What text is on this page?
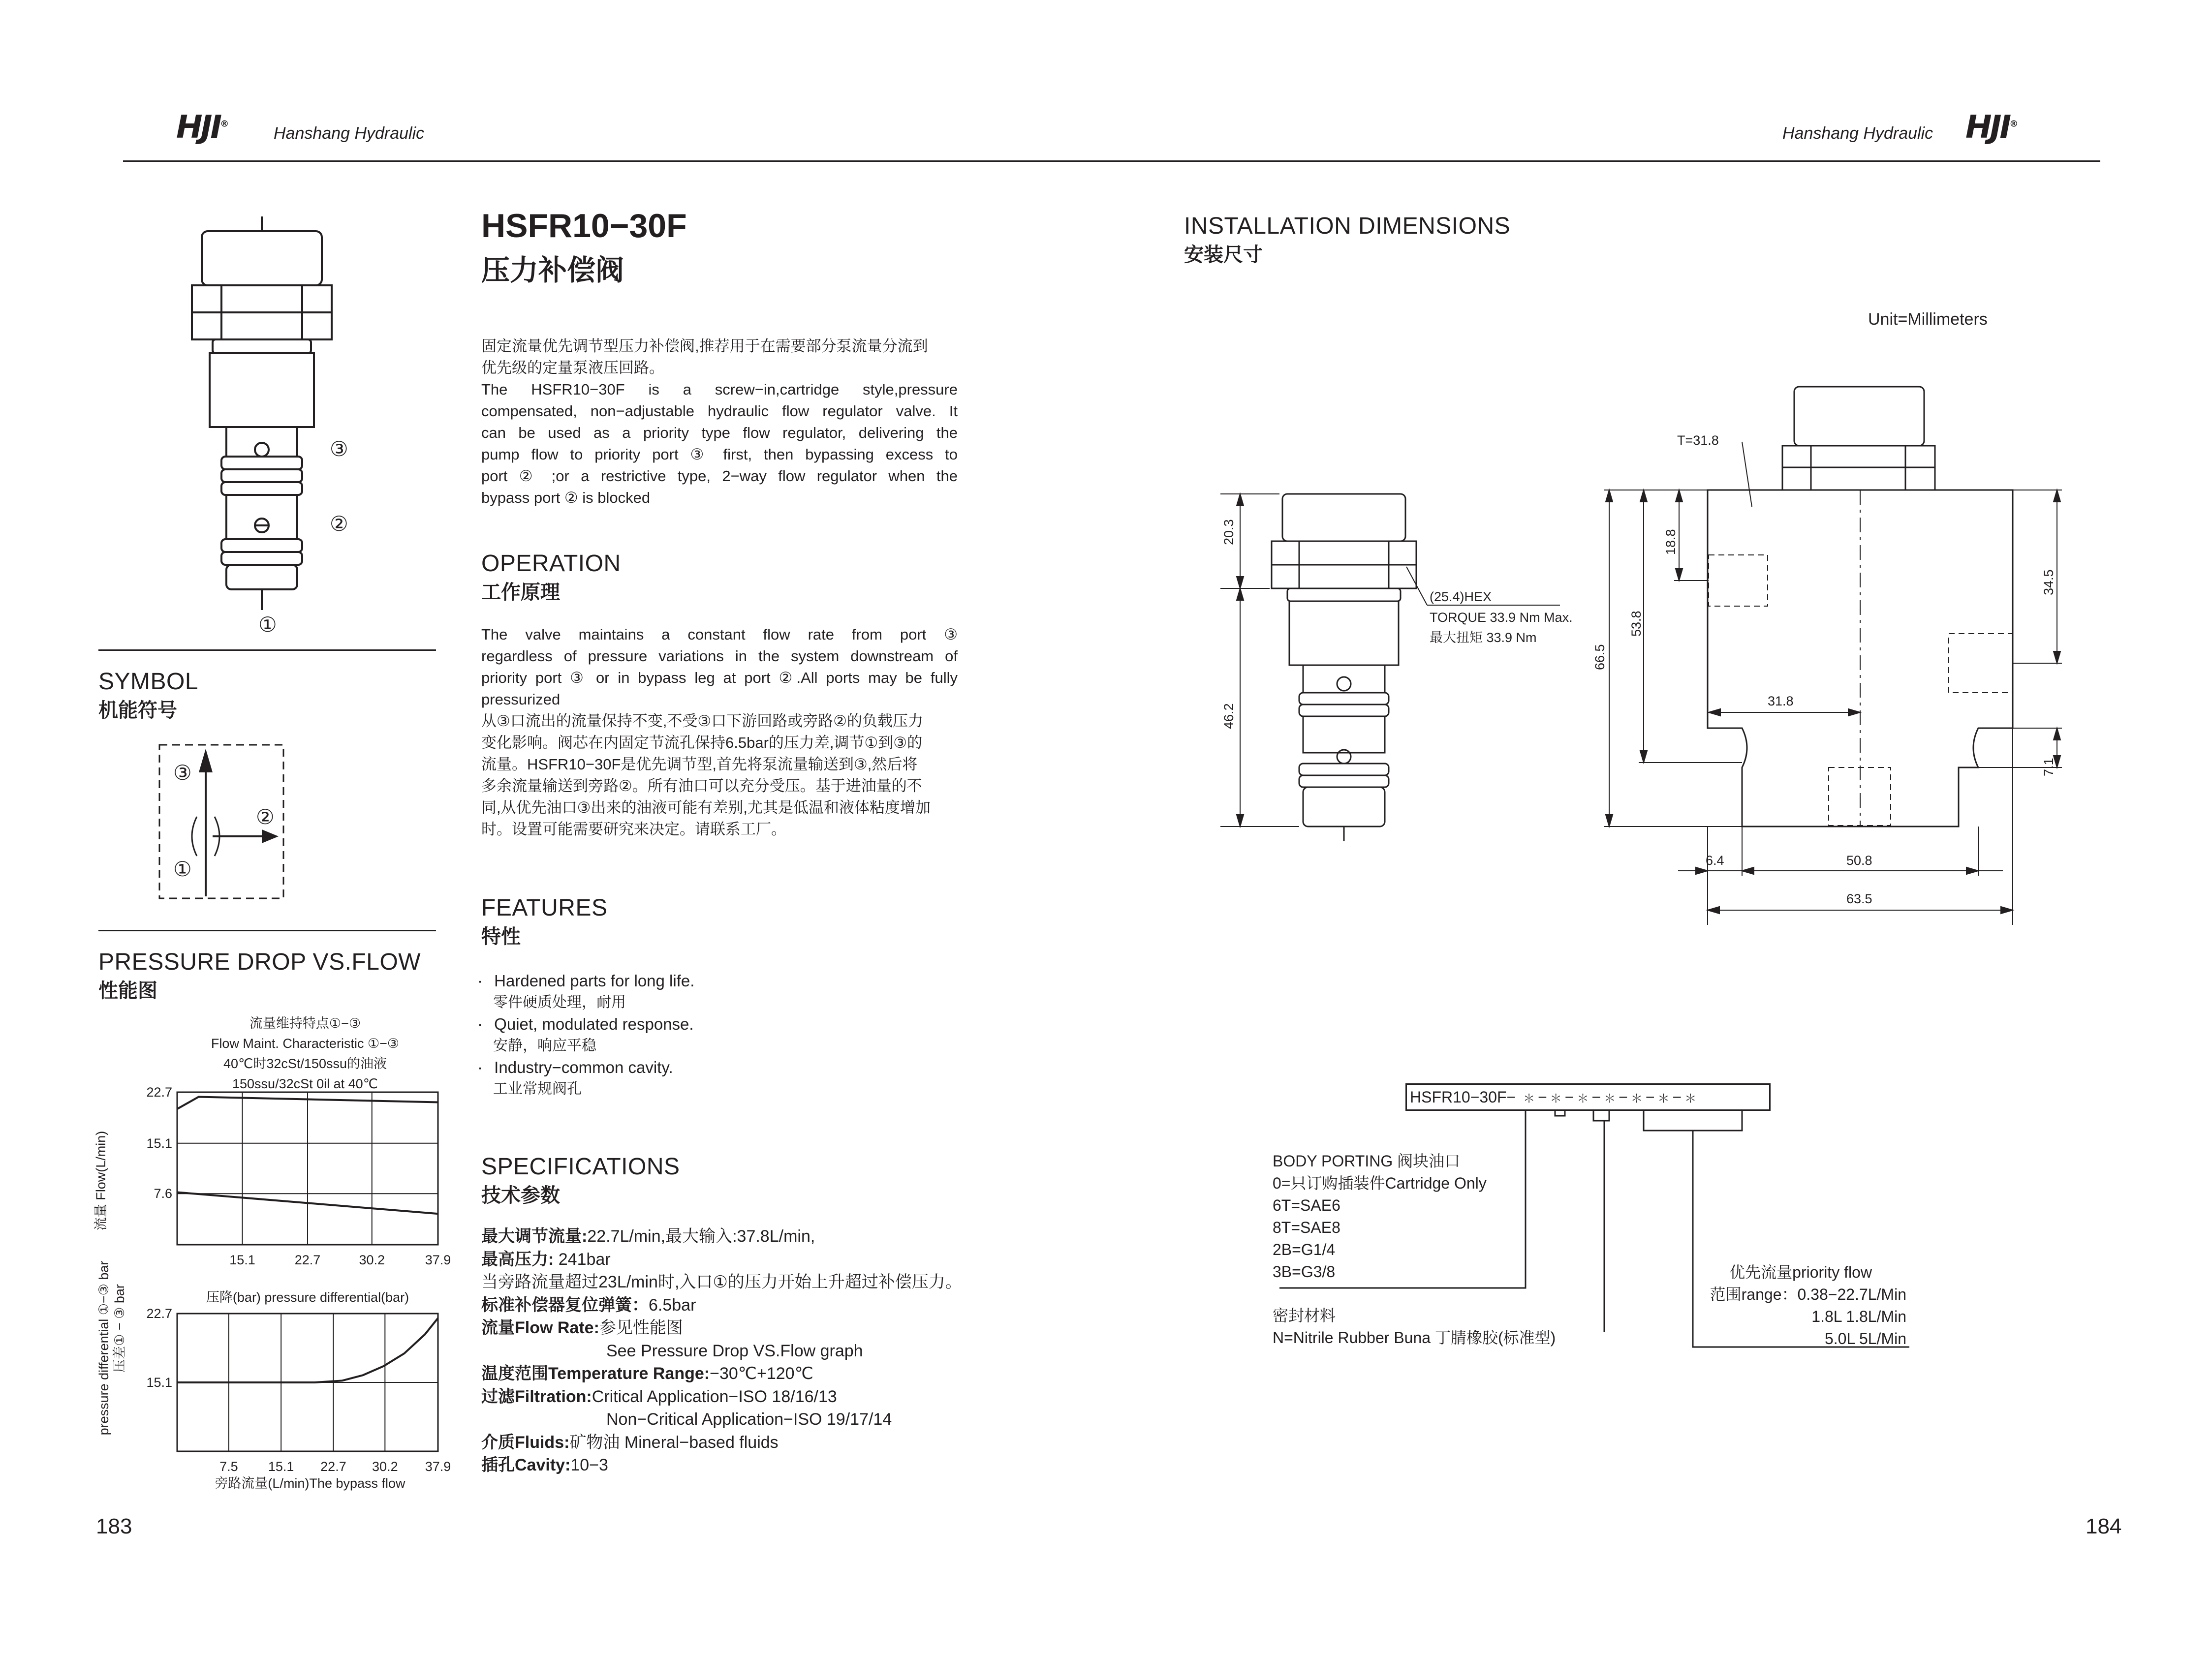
HJI®	Hanshang Hydraulic	Hanshang Hydraulic HJI®
③
②
①
SYMBOL
机能符号
③
②
①
PRESSURE DROP VS.FLOW
性能图
流量维持特点①−③
Flow Maint. Characteristic ①−③
40℃时32cSt/150ssu的油液
150ssu/32cSt 0il at 40℃
流量 Flow(L/min)
15.1	22.7	30.2	37.9
7.6
15.1
22.7
压降(bar) pressure differential(bar)
pressure differential ①−③ bar 压差① − ③ bar
7.5 15.1 22.7 30.2 37.9
15.1
22.7
旁路流量(L/min)The bypass flow
183
HSFR10−30F
压力补偿阀
固定流量优先调节型压力补偿阀,推荐用于在需要部分泵流量分流到
优先级的定量泵液压回路。
The HSFR10−30F is a screw−in,cartridge style,pressure
compensated, non−adjustable hydraulic flow regulator valve. It
can be used as a priority type flow regulator, delivering the
pump flow to priority port ③ first, then bypassing excess to
port ② ;or a restrictive type, 2−way flow regulator when the
bypass port ② is blocked
OPERATION
工作原理
The valve maintains a constant flow rate from port ③
regardless of pressure variations in the system downstream of
priority port ③ or in bypass leg at port ②.All ports may be fully
pressurized
从③口流出的流量保持不变,不受③口下游回路或旁路②的负载压力
变化影响。阀芯在内固定节流孔保持6.5bar的压力差,调节①到③的
流量。HSFR10−30F是优先调节型,首先将泵流量输送到③,然后将
多余流量输送到旁路②。所有油口可以充分受压。基于进油量的不
同,从优先油口③出来的油液可能有差别,尤其是低温和液体粘度增加
时。设置可能需要研究来决定。请联系工厂。
FEATURES
特性
· Hardened parts for long life.
零件硬质处理，耐用
· Quiet, modulated response.
安静，响应平稳
· Industry−common cavity.
工业常规阀孔
SPECIFICATIONS
技术参数
最大调节流量:22.7L/min,最大输入:37.8L/min,
最高压力: 241bar
当旁路流量超过23L/min时,入口①的压力开始上升超过补偿压力。
标准补偿器复位弹簧：6.5bar
流量Flow Rate:参见性能图
See Pressure Drop VS.Flow graph
温度范围Temperature Range:−30℃+120℃
过滤Filtration:Critical Application−ISO 18/16/13
Non−Critical Application−ISO 19/17/14
介质Fluids:矿物油 Mineral−based fluids
插孔Cavity:10−3
INSTALLATION DIMENSIONS
安装尺寸
Unit=Millimeters
20.3
46.2
(25.4)HEX
TORQUE 33.9 Nm Max.
最大扭矩 33.9 Nm
T=31.8
18.8
53.8
66.5
34.5
31.8
7.1
6.4	50.8
63.5
HSFR10−30F− ＊ − ＊ − ＊ − ＊ − ＊ − ＊ − ＊
BODY PORTING 阀块油口
0=只订购插装件Cartridge Only
6T=SAE6
8T=SAE8
2B=G1/4
3B=G3/8
密封材料
N=Nitrile Rubber Buna 丁腈橡胶(标准型)
优先流量priority flow
范围range：0.38−22.7L/Min
1.8L 1.8L/Min
5.0L 5L/Min
184
